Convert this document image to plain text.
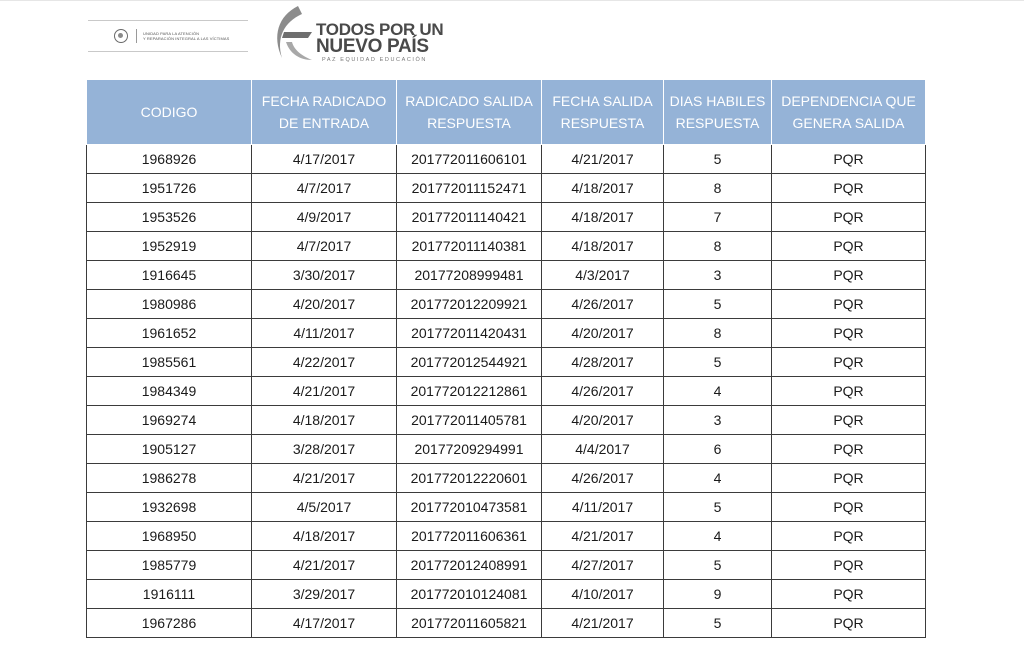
UNIDAD PARA LA ATENCIÓN
Y REPARACIÓN INTEGRAL A LAS VÍCTIMAS	TODOS POR UN
NUEVO PAÍS
PAZ EQUIDAD EDUCACIÓN
CODIGO	FECHA RADICADO DE ENTRADA	RADICADO SALIDA RESPUESTA	FECHA SALIDA RESPUESTA	DIAS HABILES RESPUESTA	DEPENDENCIA QUE GENERA SALIDA
1968926	4/17/2017	201772011606101	4/21/2017	5	PQR
1951726	4/7/2017	201772011152471	4/18/2017	8	PQR
1953526	4/9/2017	201772011140421	4/18/2017	7	PQR
1952919	4/7/2017	201772011140381	4/18/2017	8	PQR
1916645	3/30/2017	20177208999481	4/3/2017	3	PQR
1980986	4/20/2017	201772012209921	4/26/2017	5	PQR
1961652	4/11/2017	201772011420431	4/20/2017	8	PQR
1985561	4/22/2017	201772012544921	4/28/2017	5	PQR
1984349	4/21/2017	201772012212861	4/26/2017	4	PQR
1969274	4/18/2017	201772011405781	4/20/2017	3	PQR
1905127	3/28/2017	20177209294991	4/4/2017	6	PQR
1986278	4/21/2017	201772012220601	4/26/2017	4	PQR
1932698	4/5/2017	201772010473581	4/11/2017	5	PQR
1968950	4/18/2017	201772011606361	4/21/2017	4	PQR
1985779	4/21/2017	201772012408991	4/27/2017	5	PQR
1916111	3/29/2017	201772010124081	4/10/2017	9	PQR
1967286	4/17/2017	201772011605821	4/21/2017	5	PQR
